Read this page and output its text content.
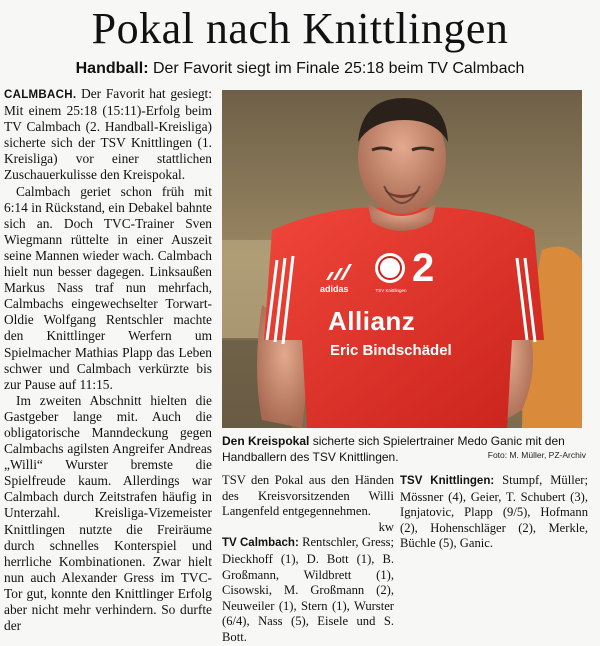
Pokal nach Knittlingen
Handball: Der Favorit siegt im Finale 25:18 beim TV Calmbach

CALMBACH. Der Favorit hat gesiegt: Mit einem 25:18 (15:11)-Erfolg beim TV Calmbach (2. Handball-Kreisliga) sicherte sich der TSV Knittlingen (1. Kreisliga) vor einer stattlichen Zuschauerkulisse den Kreispokal.

Calmbach geriet schon früh mit 6:14 in Rückstand, ein Debakel bahnte sich an. Doch TVC-Trainer Sven Wiegmann rüttelte in einer Auszeit seine Mannen wieder wach. Calmbach hielt nun besser dagegen. Linksaußen Markus Nass traf nun mehrfach, Calmbachs eingewechselter Torwart-Oldie Wolfgang Rentschler machte den Knittlinger Werfern um Spielmacher Mathias Plapp das Leben schwer und Calmbach verkürzte bis zur Pause auf 11:15.

Im zweiten Abschnitt hielten die Gastgeber lange mit. Auch die obligatorische Manndeckung gegen Calmbachs agilsten Angreifer Andreas „Willi“ Wurster bremste die Spielfreude kaum. Allerdings war Calmbach durch Zeitstrafen häufig in Unterzahl. Kreisliga-Vizemeister Knittlingen nutzte die Freiräume durch schnelles Konterspiel und herrliche Kombinationen. Zwar hielt nun auch Alexander Gress im TVC-Tor gut, konnte den Knittlinger Erfolg aber nicht mehr verhindern. So durfte der

2
adidas	TSV Knittlingen
Allianz
Eric Bindschädel
Den Kreispokal sicherte sich Spielertrainer Medo Ganic mit den Handballern des TSV Knittlingen.	Foto: M. Müller, PZ-Archiv

TSV den Pokal aus den Händen des Kreisvorsitzenden Willi Langenfeld entgegennehmen.

kw

TV Calmbach: Rentschler, Gress; Dieckhoff (1), D. Bott (1), B. Großmann, Wildbrett (1), Cisowski, M. Großmann (2), Neuweiler (1), Stern (1), Wurster (6/4), Nass (5), Eisele und S. Bott.

TSV Knittlingen: Stumpf, Müller; Mössner (4), Geier, T. Schubert (3), Ignjatovic, Plapp (9/5), Hofmann (2), Hohenschläger (2), Merkle, Büchle (5), Ganic.
